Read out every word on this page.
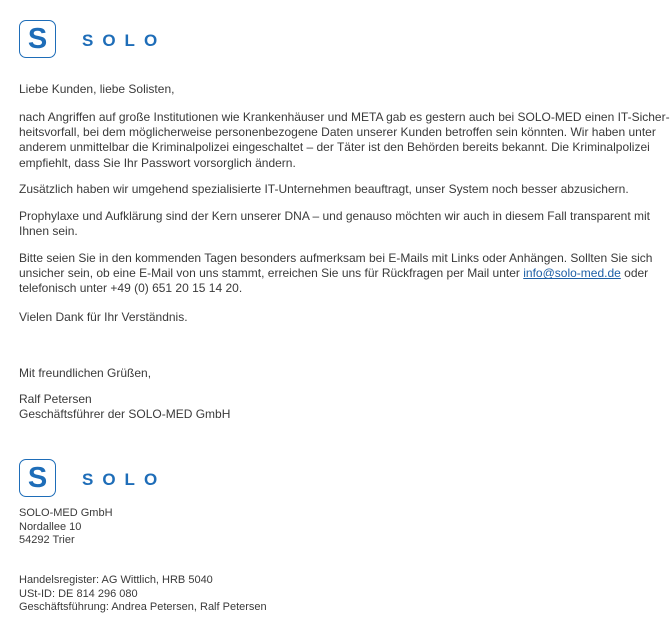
S	SOLO
Liebe Kunden, liebe Solisten,
nach Angriffen auf große Institutionen wie Krankenhäuser und META gab es gestern auch bei SOLO-MED einen IT-Sicher-
heitsvorfall, bei dem möglicherweise personenbezogene Daten unserer Kunden betroffen sein könnten. Wir haben unter
anderem unmittelbar die Kriminalpolizei eingeschaltet – der Täter ist den Behörden bereits bekannt. Die Kriminalpolizei
empfiehlt, dass Sie Ihr Passwort vorsorglich ändern.
Zusätzlich haben wir umgehend spezialisierte IT-Unternehmen beauftragt, unser System noch besser abzusichern.
Prophylaxe und Aufklärung sind der Kern unserer DNA – und genauso möchten wir auch in diesem Fall transparent mit
Ihnen sein.
Bitte seien Sie in den kommenden Tagen besonders aufmerksam bei E-Mails mit Links oder Anhängen. Sollten Sie sich
unsicher sein, ob eine E-Mail von uns stammt, erreichen Sie uns für Rückfragen per Mail unter info@solo-med.de oder
telefonisch unter +49 (0) 651 20 15 14 20.
Vielen Dank für Ihr Verständnis.
Mit freundlichen Grüßen,
Ralf Petersen
Geschäftsführer der SOLO-MED GmbH
S	SOLO
SOLO-MED GmbH
Nordallee 10
54292 Trier
Handelsregister: AG Wittlich, HRB 5040
USt-ID: DE 814 296 080
Geschäftsführung: Andrea Petersen, Ralf Petersen
